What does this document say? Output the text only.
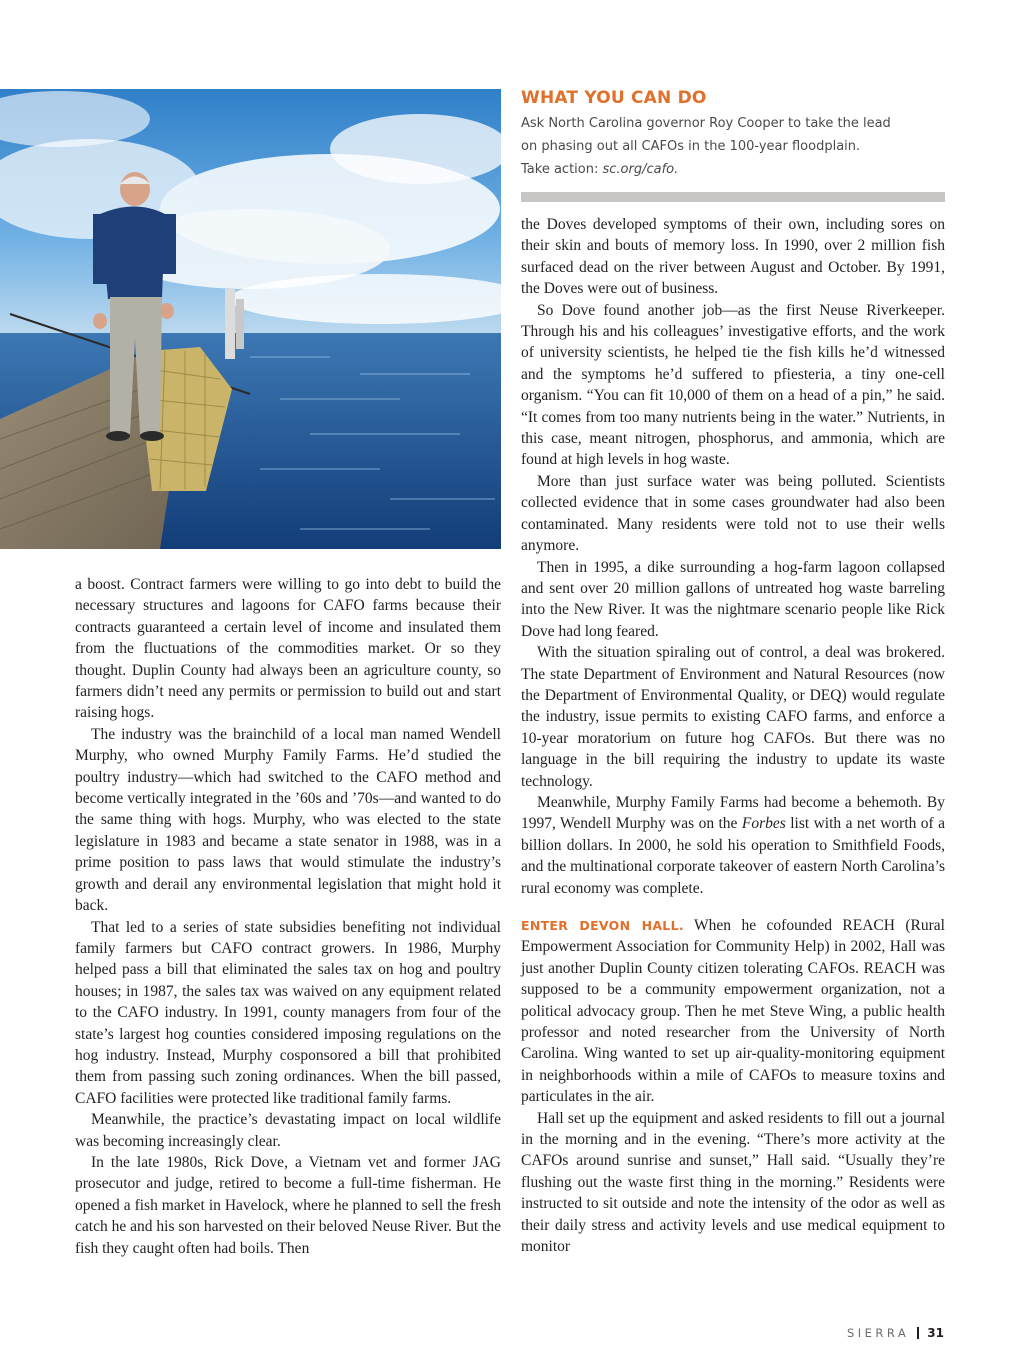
WHAT YOU CAN DO
Ask North Carolina governor Roy Cooper to take the lead
on phasing out all CAFOs in the 100-year floodplain.
Take action: sc.org/cafo.

a boost. Contract farmers were willing to go into debt to build the necessary structures and lagoons for CAFO farms because their contracts guaranteed a certain level of income and insulated them from the fluctuations of the commodities market. Or so they thought. Duplin County had always been an agriculture county, so farmers didn’t need any permits or permission to build out and start raising hogs.

The industry was the brainchild of a local man named Wendell Murphy, who owned Murphy Family Farms. He’d studied the poultry industry—which had switched to the CAFO method and become vertically integrated in the ’60s and ’70s—and wanted to do the same thing with hogs. Murphy, who was elected to the state legislature in 1983 and became a state senator in 1988, was in a prime position to pass laws that would stimulate the industry’s growth and derail any environmental legislation that might hold it back.

That led to a series of state subsidies benefiting not individual family farmers but CAFO contract growers. In 1986, Murphy helped pass a bill that eliminated the sales tax on hog and poultry houses; in 1987, the sales tax was waived on any equipment related to the CAFO industry. In 1991, county managers from four of the state’s largest hog counties considered imposing regulations on the hog industry. Instead, Murphy cosponsored a bill that prohibited them from passing such zoning ordinances. When the bill passed, CAFO facilities were protected like traditional family farms.

Meanwhile, the practice’s devastating impact on local wildlife was becoming increasingly clear.

In the late 1980s, Rick Dove, a Vietnam vet and former JAG prosecutor and judge, retired to become a full-time fisherman. He opened a fish market in Havelock, where he planned to sell the fresh catch he and his son harvested on their beloved Neuse River. But the fish they caught often had boils. Then

the Doves developed symptoms of their own, including sores on their skin and bouts of memory loss. In 1990, over 2 million fish surfaced dead on the river between August and October. By 1991, the Doves were out of business.

So Dove found another job—as the first Neuse Riverkeeper. Through his and his colleagues’ investigative efforts, and the work of university scientists, he helped tie the fish kills he’d witnessed and the symptoms he’d suffered to pfiesteria, a tiny one-cell organism. “You can fit 10,000 of them on a head of a pin,” he said. “It comes from too many nutrients being in the water.” Nutrients, in this case, meant nitrogen, phosphorus, and ammonia, which are found at high levels in hog waste.

More than just surface water was being polluted. Scientists collected evidence that in some cases groundwater had also been contaminated. Many residents were told not to use their wells anymore.

Then in 1995, a dike surrounding a hog-farm lagoon collapsed and sent over 20 million gallons of untreated hog waste barreling into the New River. It was the nightmare scenario people like Rick Dove had long feared.

With the situation spiraling out of control, a deal was brokered. The state Department of Environment and Natural Resources (now the Department of Environmental Quality, or DEQ) would regulate the industry, issue permits to existing CAFO farms, and enforce a 10-year moratorium on future hog CAFOs. But there was no language in the bill requiring the industry to update its waste technology.

Meanwhile, Murphy Family Farms had become a behemoth. By 1997, Wendell Murphy was on the Forbes list with a net worth of a billion dollars. In 2000, he sold his operation to Smithfield Foods, and the multinational corporate takeover of eastern North Carolina’s rural economy was complete.

ENTER DEVON HALL. When he cofounded REACH (Rural Empowerment Association for Community Help) in 2002, Hall was just another Duplin County citizen tolerating CAFOs. REACH was supposed to be a community empowerment organization, not a political advocacy group. Then he met Steve Wing, a public health professor and noted researcher from the University of North Carolina. Wing wanted to set up air-quality-monitoring equipment in neighborhoods within a mile of CAFOs to measure toxins and particulates in the air.

Hall set up the equipment and asked residents to fill out a journal in the morning and in the evening. “There’s more activity at the CAFOs around sunrise and sunset,” Hall said. “Usually they’re flushing out the waste first thing in the morning.” Residents were instructed to sit outside and note the intensity of the odor as well as their daily stress and activity levels and use medical equipment to monitor

SIERRA 31
